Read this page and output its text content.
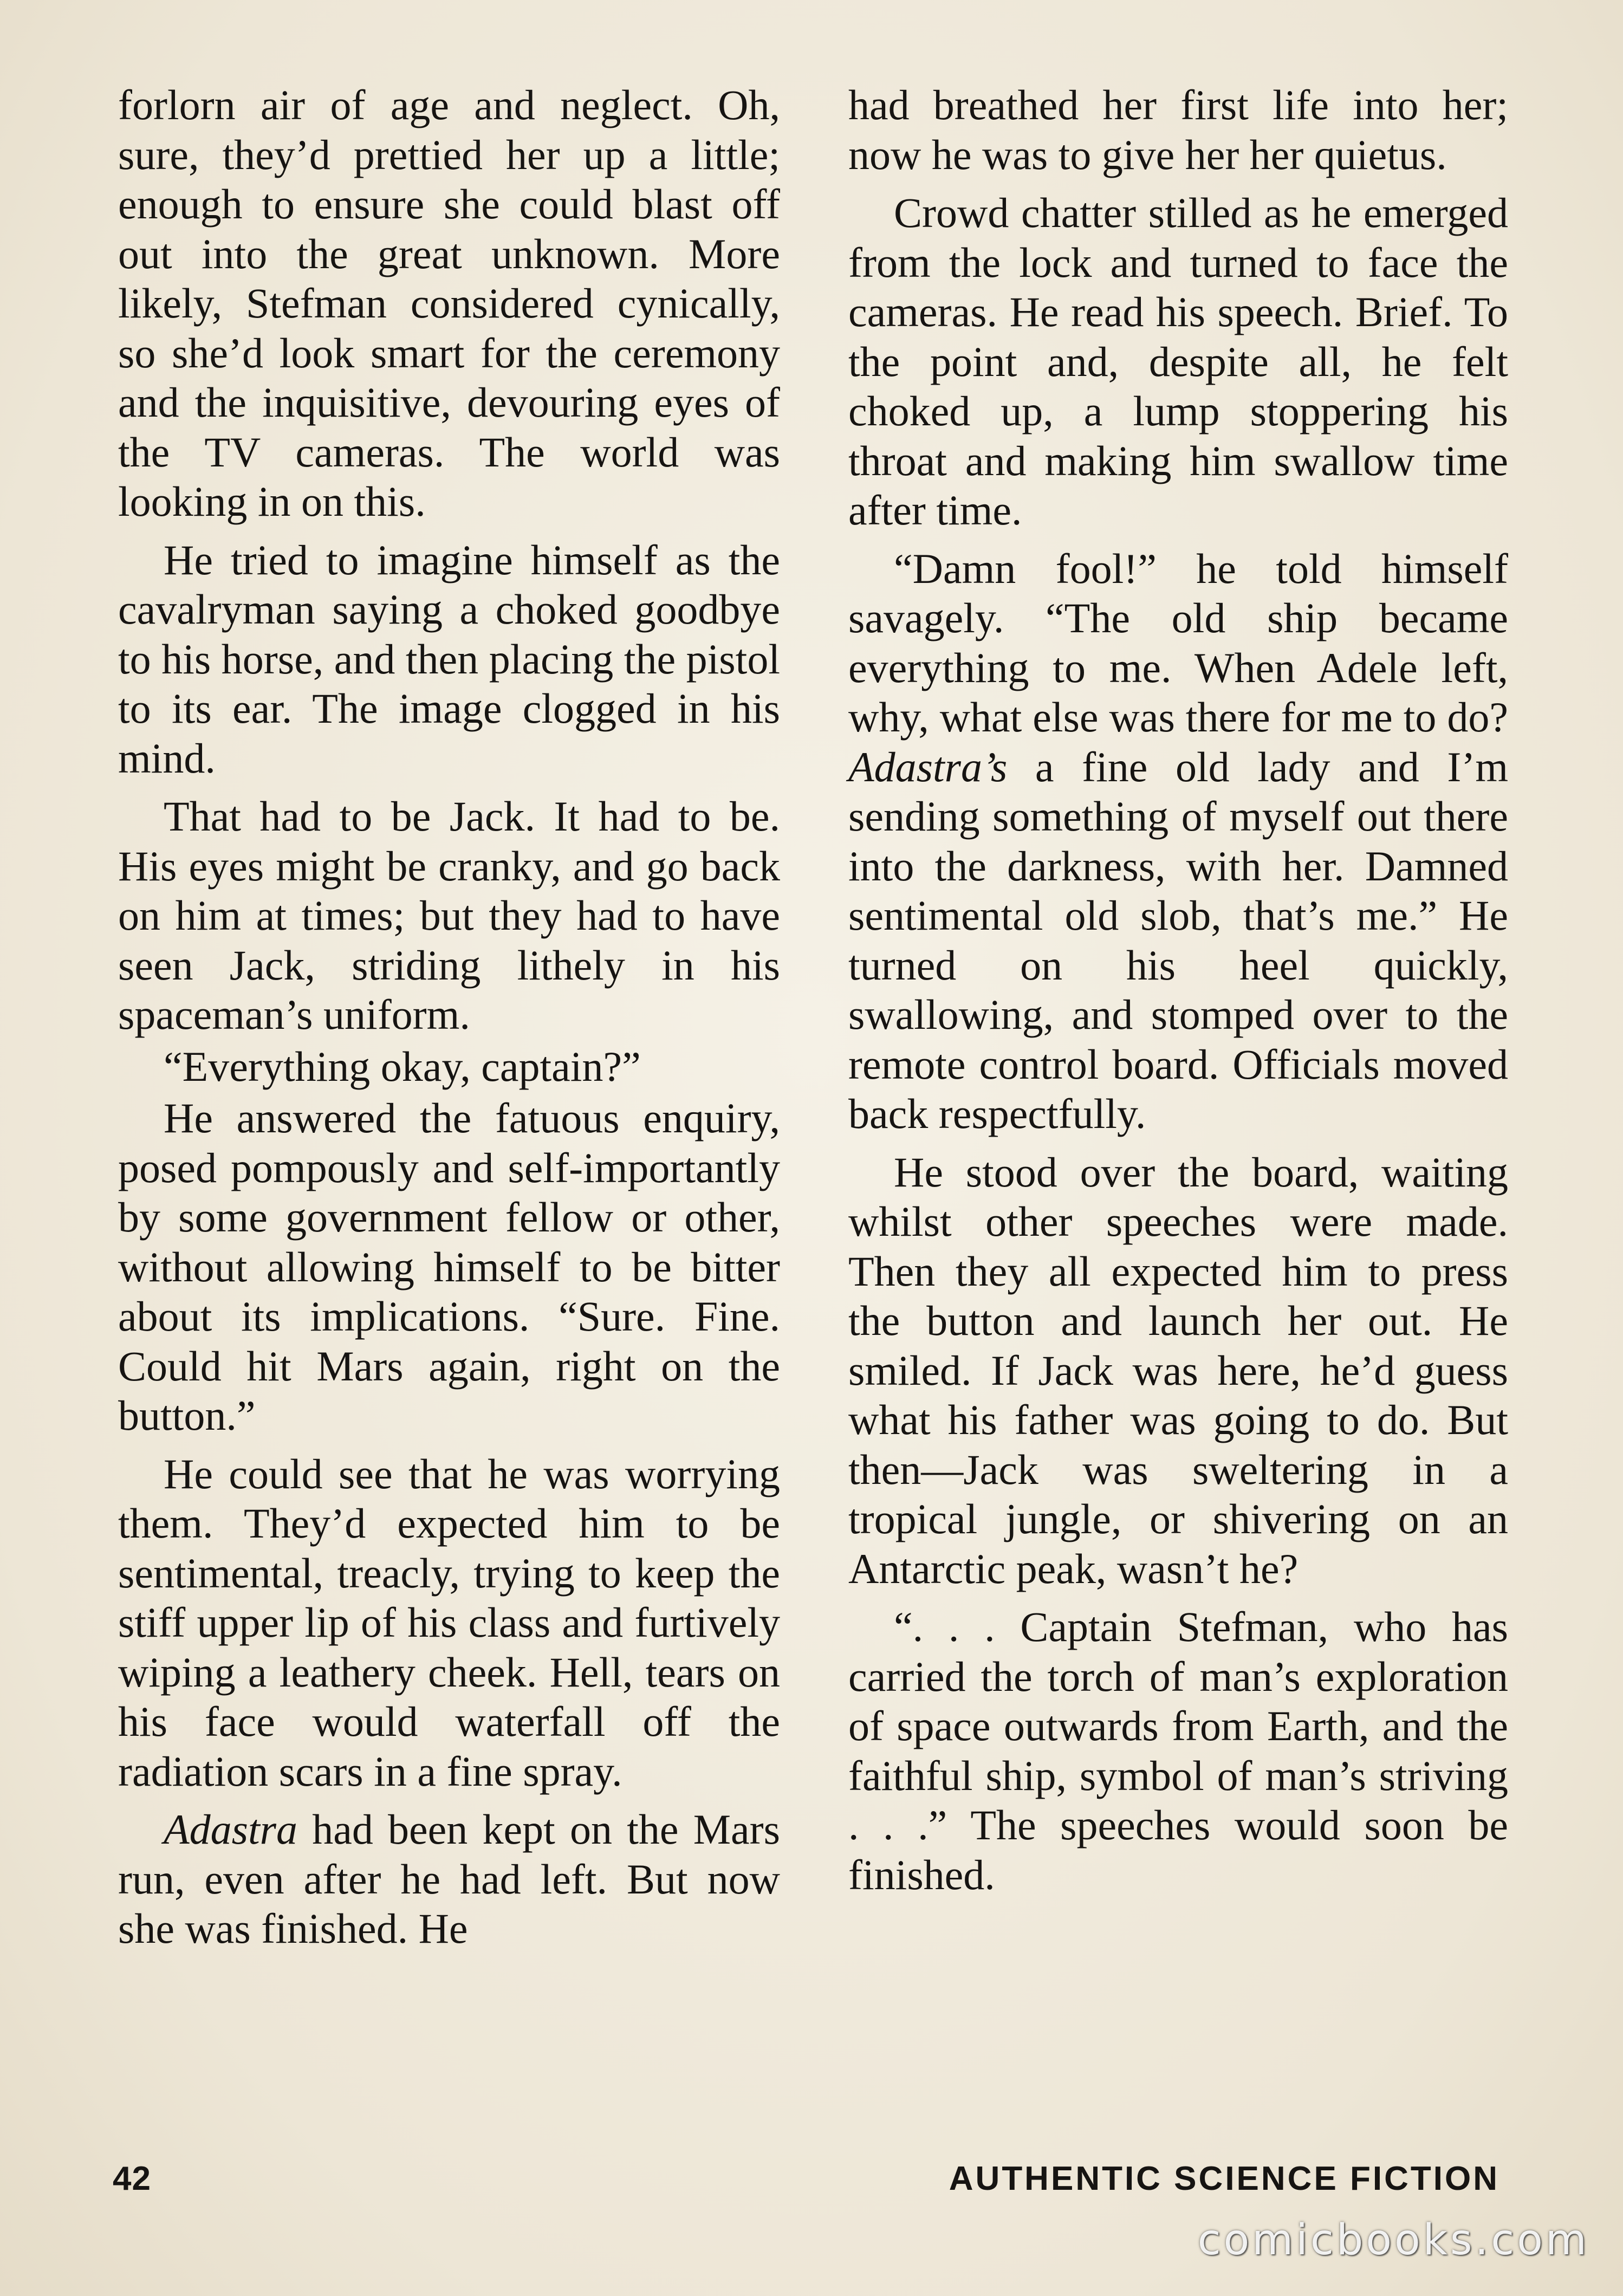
forlorn air of age and neglect. Oh, sure, they’d prettied her up a little; enough to ensure she could blast off out into the great unknown. More likely, Stefman considered cynically, so she’d look smart for the ceremony and the inquisitive, devouring eyes of the TV cameras. The world was looking in on this.

He tried to imagine himself as the cavalryman saying a choked goodbye to his horse, and then placing the pistol to its ear. The image clogged in his mind.

That had to be Jack. It had to be. His eyes might be cranky, and go back on him at times; but they had to have seen Jack, striding lithely in his spaceman’s uniform.

“Everything okay, captain?”

He answered the fatuous enquiry, posed pompously and self-importantly by some government fellow or other, without allowing himself to be bitter about its implications. “Sure. Fine. Could hit Mars again, right on the button.”

He could see that he was worrying them. They’d expected him to be sentimental, treacly, trying to keep the stiff upper lip of his class and furtively wiping a leathery cheek. Hell, tears on his face would waterfall off the radiation scars in a fine spray.

Adastra had been kept on the Mars run, even after he had left. But now she was finished. He

had breathed her first life into her; now he was to give her her quietus.

Crowd chatter stilled as he emerged from the lock and turned to face the cameras. He read his speech. Brief. To the point and, despite all, he felt choked up, a lump stoppering his throat and making him swallow time after time.

“Damn fool!” he told himself savagely. “The old ship became everything to me. When Adele left, why, what else was there for me to do? Adastra’s a fine old lady and I’m sending something of myself out there into the darkness, with her. Damned sentimental old slob, that’s me.” He turned on his heel quickly, swallowing, and stomped over to the remote control board. Officials moved back respectfully.

He stood over the board, waiting whilst other speeches were made. Then they all expected him to press the button and launch her out. He smiled. If Jack was here, he’d guess what his father was going to do. But then—Jack was sweltering in a tropical jungle, or shivering on an Antarctic peak, wasn’t he?

“. . . Captain Stefman, who has carried the torch of man’s exploration of space outwards from Earth, and the faithful ship, symbol of man’s striving . . .” The speeches would soon be finished.

42	AUTHENTIC SCIENCE FICTION
comicbooks.com
